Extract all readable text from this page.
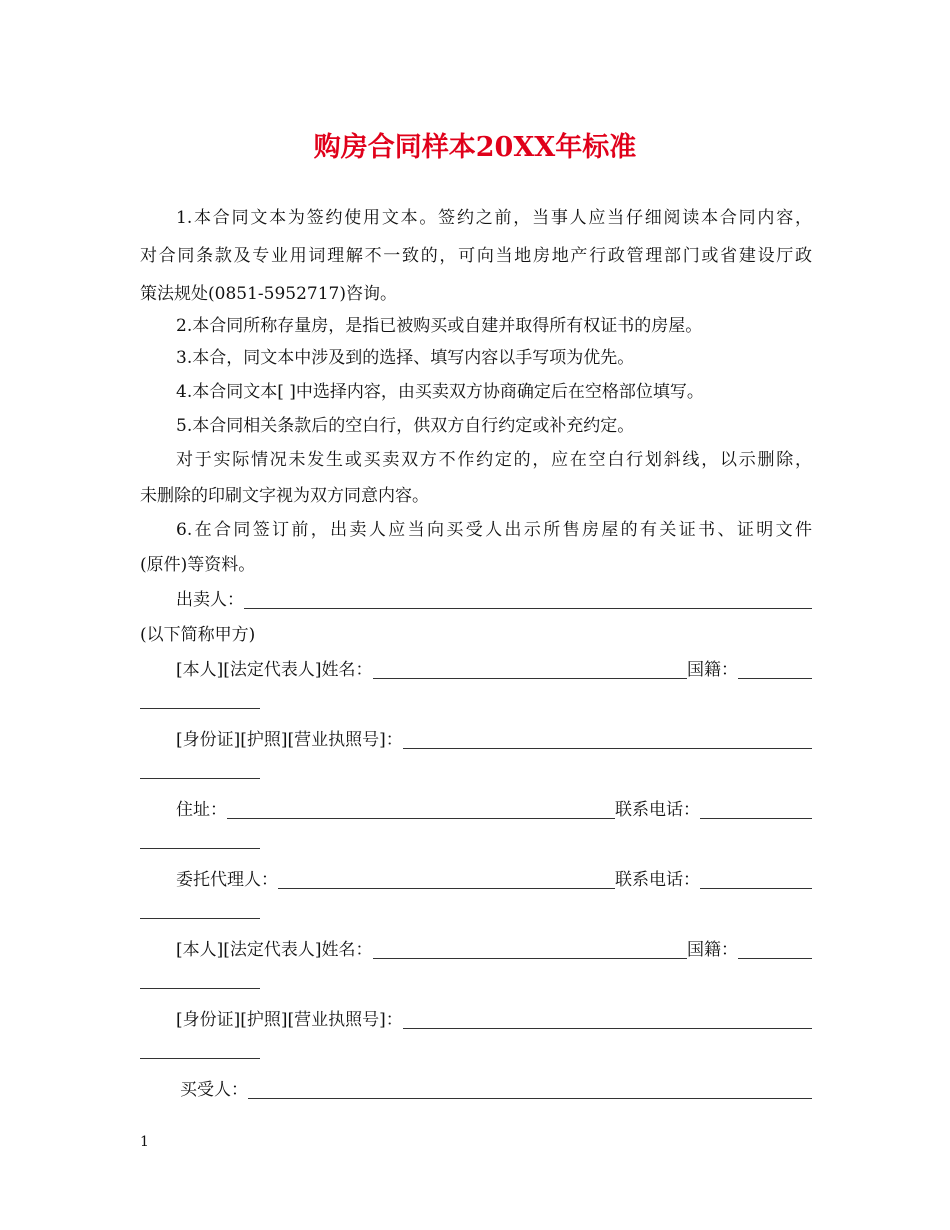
购房合同样本20XX年标准
1.本合同文本为签约使用文本。签约之前，当事人应当仔细阅读本合同内容，
对合同条款及专业用词理解不一致的，可向当地房地产行政管理部门或省建设厅政
策法规处(0851-5952717)咨询。
2.本合同所称存量房，是指已被购买或自建并取得所有权证书的房屋。
3.本合，同文本中涉及到的选择、填写内容以手写项为优先。
4.本合同文本[ ]中选择内容，由买卖双方协商确定后在空格部位填写。
5.本合同相关条款后的空白行，供双方自行约定或补充约定。
对于实际情况未发生或买卖双方不作约定的，应在空白行划斜线，以示删除，
未删除的印刷文字视为双方同意内容。
6.在合同签订前，出卖人应当向买受人出示所售房屋的有关证书、证明文件
(原件)等资料。
出卖人：
(以下简称甲方)
[本人][法定代表人]姓名：	国籍：
[身份证][护照][营业执照号]：
住址：	联系电话：
委托代理人：	联系电话：
[本人][法定代表人]姓名：	国籍：
[身份证][护照][营业执照号]：
买受人：
1
